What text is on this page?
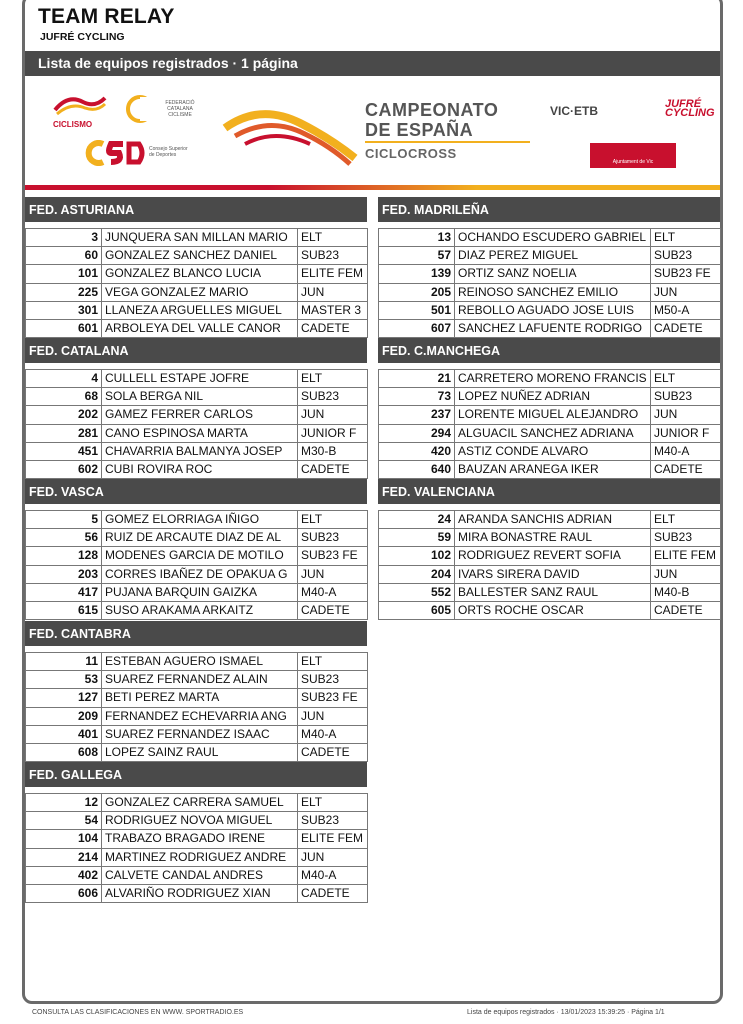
TEAM RELAY
JUFRÉ CYCLING
Lista de equipos registrados · 1 página
CICLISMO
FEDERACIÓ CATALANA CICLISME
Consejo Superior de Deportes
CAMPEONATO
DE ESPAÑA
CICLOCROSS
VIC·ETB	JUFRÉ CYCLING
Ajuntament de Vic
FED. ASTURIANA
3	JUNQUERA SAN MILLAN MARIO	ELT
60	GONZALEZ SANCHEZ DANIEL	SUB23
101	GONZALEZ BLANCO LUCIA	ELITE FEM
225	VEGA GONZALEZ MARIO	JUN
301	LLANEZA ARGUELLES MIGUEL	MASTER 3
601	ARBOLEYA DEL VALLE CANOR	CADETE
FED. MADRILEÑA
13	OCHANDO ESCUDERO GABRIEL	ELT
57	DIAZ PEREZ MIGUEL	SUB23
139	ORTIZ SANZ NOELIA	SUB23 FE
205	REINOSO SANCHEZ EMILIO	JUN
501	REBOLLO AGUADO JOSE LUIS	M50-A
607	SANCHEZ LAFUENTE RODRIGO	CADETE
FED. CATALANA
4	CULLELL ESTAPE JOFRE	ELT
68	SOLA BERGA NIL	SUB23
202	GAMEZ FERRER CARLOS	JUN
281	CANO ESPINOSA MARTA	JUNIOR F
451	CHAVARRIA BALMANYA JOSEP	M30-B
602	CUBI ROVIRA ROC	CADETE
FED. C.MANCHEGA
21	CARRETERO MORENO FRANCIS	ELT
73	LOPEZ NUÑEZ ADRIAN	SUB23
237	LORENTE MIGUEL ALEJANDRO	JUN
294	ALGUACIL SANCHEZ ADRIANA	JUNIOR F
420	ASTIZ CONDE ALVARO	M40-A
640	BAUZAN ARANEGA IKER	CADETE
FED. VASCA
5	GOMEZ ELORRIAGA IÑIGO	ELT
56	RUIZ DE ARCAUTE DIAZ DE AL	SUB23
128	MODENES GARCIA DE MOTILO	SUB23 FE
203	CORRES IBAÑEZ DE OPAKUA G	JUN
417	PUJANA BARQUIN GAIZKA	M40-A
615	SUSO ARAKAMA ARKAITZ	CADETE
FED. VALENCIANA
24	ARANDA SANCHIS ADRIAN	ELT
59	MIRA BONASTRE RAUL	SUB23
102	RODRIGUEZ REVERT SOFIA	ELITE FEM
204	IVARS SIRERA DAVID	JUN
552	BALLESTER SANZ RAUL	M40-B
605	ORTS ROCHE OSCAR	CADETE
FED. CANTABRA
11	ESTEBAN AGUERO ISMAEL	ELT
53	SUAREZ FERNANDEZ ALAIN	SUB23
127	BETI PEREZ MARTA	SUB23 FE
209	FERNANDEZ ECHEVARRIA ANG	JUN
401	SUAREZ FERNANDEZ ISAAC	M40-A
608	LOPEZ SAINZ RAUL	CADETE
FED. GALLEGA
12	GONZALEZ CARRERA SAMUEL	ELT
54	RODRIGUEZ NOVOA MIGUEL	SUB23
104	TRABAZO BRAGADO IRENE	ELITE FEM
214	MARTINEZ RODRIGUEZ ANDRE	JUN
402	CALVETE CANDAL ANDRES	M40-A
606	ALVARIÑO RODRIGUEZ XIAN	CADETE
CONSULTA LAS CLASIFICACIONES EN WWW. SPORTRADIO.ES	Lista de equipos registrados · 13/01/2023 15:39:25 · Página 1/1
